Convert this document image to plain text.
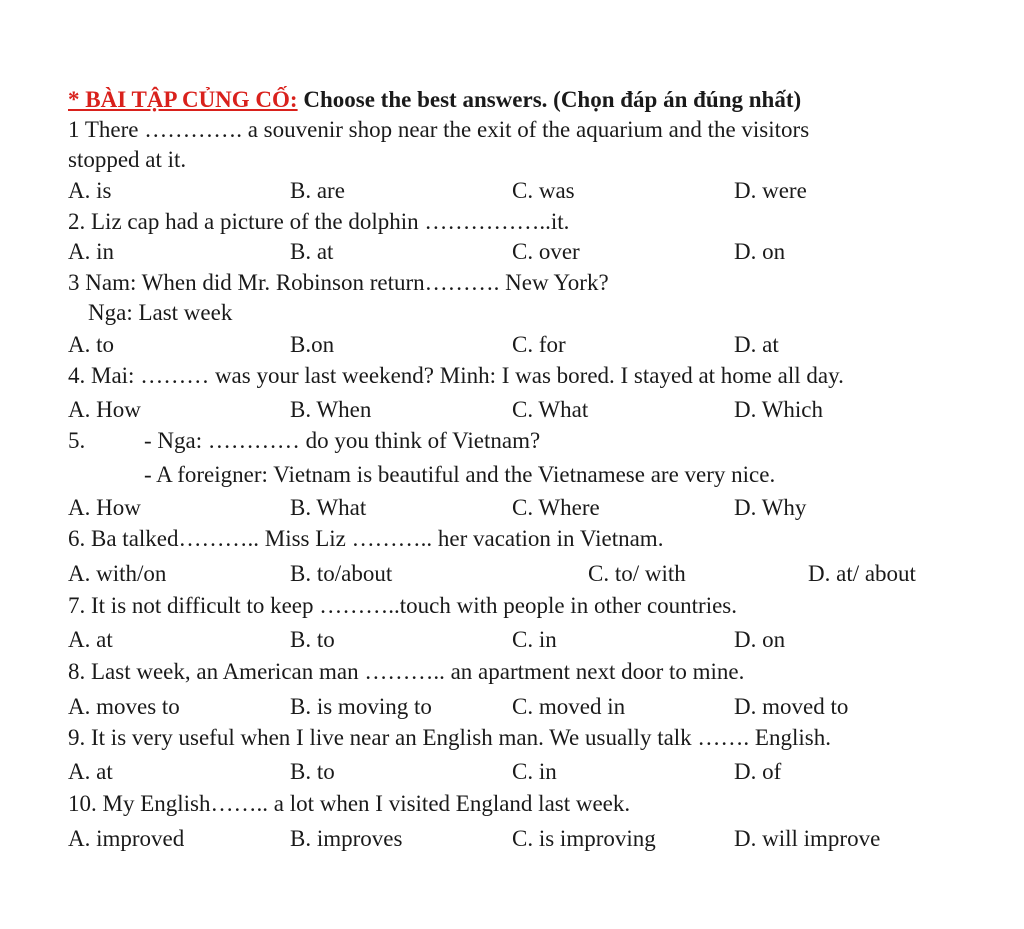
* BÀI TẬP CỦNG CỐ: Choose the best answers. (Chọn đáp án đúng nhất)
1 There …………. a souvenir shop near the exit of the aquarium and the visitors
stopped at it.
A. is	B. are	C. was	D. were
2. Liz cap had a picture of the dolphin ……………..it.
A. in	B. at	C. over	D. on
3 Nam: When did Mr. Robinson return………. New York?
Nga: Last week
A. to	B.on	C. for	D. at
4. Mai: ……… was your last weekend? Minh: I was bored. I stayed at home all day.
A. How	B. When	C. What	D. Which
5.	- Nga: ………… do you think of Vietnam?
- A foreigner: Vietnam is beautiful and the Vietnamese are very nice.
A. How	B. What	C. Where	D. Why
6. Ba talked……….. Miss Liz ……….. her vacation in Vietnam.
A. with/on	B. to/about	C. to/ with	D. at/ about
7. It is not difficult to keep ………..touch with people in other countries.
A. at	B. to	C. in	D. on
8. Last week, an American man ……….. an apartment next door to mine.
A. moves to	B. is moving to	C. moved in	D. moved to
9. It is very useful when I live near an English man. We usually talk ……. English.
A. at	B. to	C. in	D. of
10. My English…….. a lot when I visited England last week.
A. improved	B. improves	C. is improving	D. will improve
